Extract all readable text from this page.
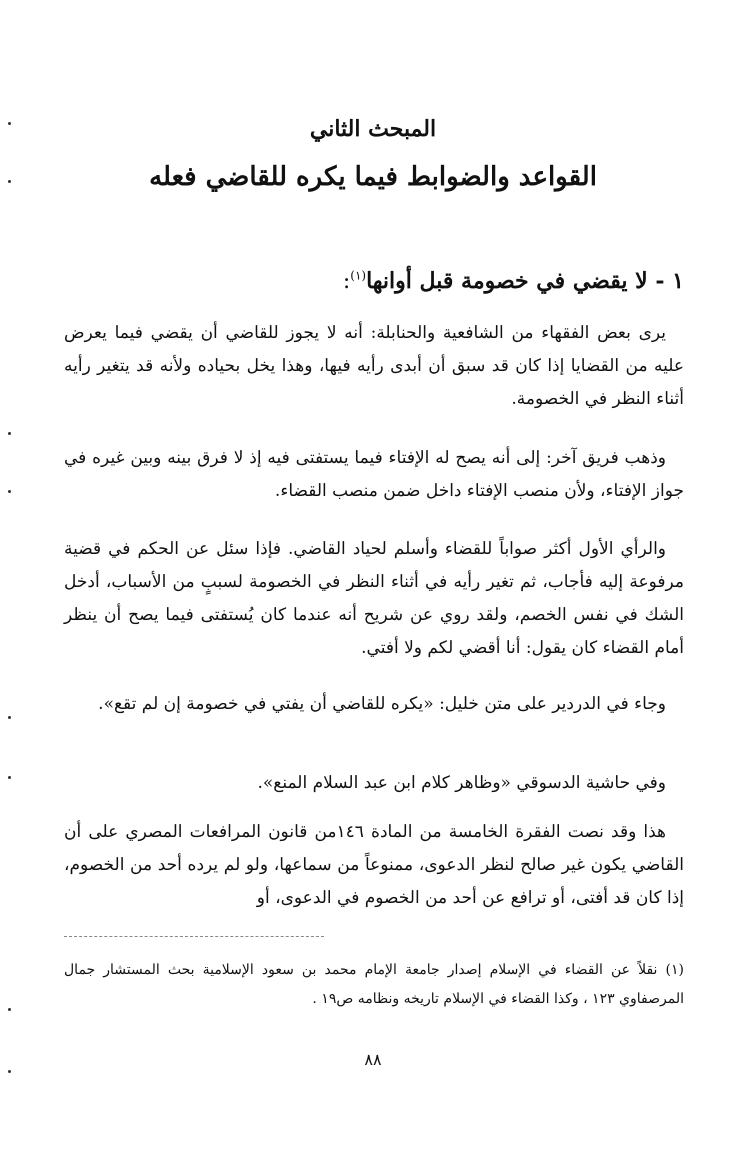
المبحث الثاني
القواعد والضوابط فيما يكره للقاضي فعله
١ - لا يقضي في خصومة قبل أوانها$^{(١)}$:

يرى بعض الفقهاء من الشافعية والحنابلة: أنه لا يجوز للقاضي أن يقضي فيما يعرض عليه من القضايا إذا كان قد سبق أن أبدى رأيه فيها، وهذا يخل بحياده ولأنه قد يتغير رأيه أثناء النظر في الخصومة.

وذهب فريق آخر: إلى أنه يصح له الإفتاء فيما يستفتى فيه إذ لا فرق بينه وبين غيره في جواز الإفتاء، ولأن منصب الإفتاء داخل ضمن منصب القضاء.

والرأي الأول أكثر صواباً للقضاء وأسلم لحياد القاضي. فإذا سئل عن الحكم في قضية مرفوعة إليه فأجاب، ثم تغير رأيه في أثناء النظر في الخصومة لسببٍ من الأسباب، أدخل الشك في نفس الخصم، ولقد روي عن شريح أنه عندما كان يُستفتى فيما يصح أن ينظر أمام القضاء كان يقول: أنا أقضي لكم ولا أفتي.

وجاء في الدردير على متن خليل: «يكره للقاضي أن يفتي في خصومة إن لم تقع».

وفي حاشية الدسوقي «وظاهر كلام ابن عبد السلام المنع».

هذا وقد نصت الفقرة الخامسة من المادة ١٤٦من قانون المرافعات المصري على أن القاضي يكون غير صالح لنظر الدعوى، ممنوعاً من سماعها، ولو لم يرده أحد من الخصوم، إذا كان قد أفتى، أو ترافع عن أحد من الخصوم في الدعوى، أو

(١) نقلاً عن القضاء في الإسلام إصدار جامعة الإمام محمد بن سعود الإسلامية بحث المستشار جمال المرصفاوي ١٢٣ ، وكذا القضاء في الإسلام تاريخه ونظامه ص١٩ .

٨٨
